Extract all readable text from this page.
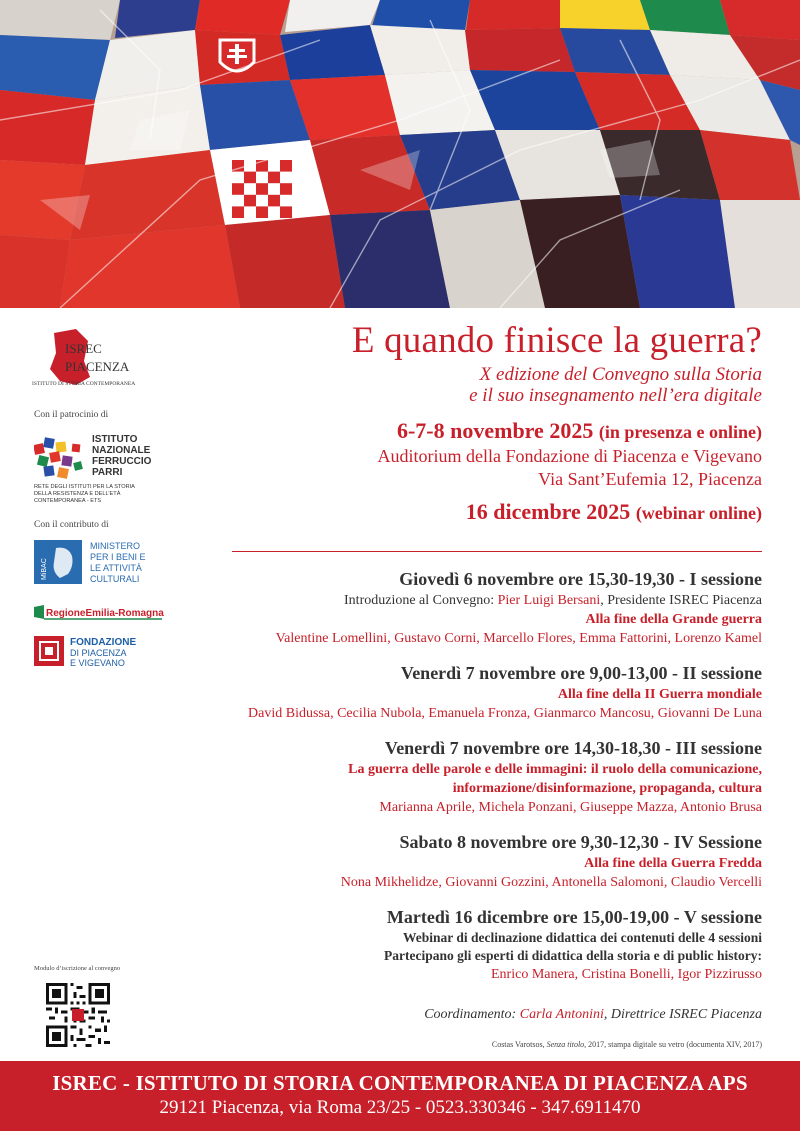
ISREC
PIACENZA
ISTITUTO DI STORIA CONTEMPORANEA
Con il patrocinio di
ISTITUTO
NAZIONALE
FERRUCCIO
PARRI
RETE DEGLI ISTITUTI PER LA STORIA
DELLA RESISTENZA E DELL’ETÀ
CONTEMPORANEA - ETS
Con il contributo di
MiBAC
MINISTERO
PER I BENI E
LE ATTIVITÀ
CULTURALI
RegioneEmilia-Romagna
FONDAZIONE
DI PIACENZA
E VIGEVANO
Modulo d’iscrizione al convegno
E quando finisce la guerra?
X edizione del Convegno sulla Storia
e il suo insegnamento nell’era digitale
6-7-8 novembre 2025 (in presenza e online)
Auditorium della Fondazione di Piacenza e Vigevano
Via Sant’Eufemia 12, Piacenza
16 dicembre 2025 (webinar online)
Giovedì 6 novembre ore 15,30-19,30 - I sessione
Introduzione al Convegno: Pier Luigi Bersani, Presidente ISREC Piacenza
Alla fine della Grande guerra
Valentine Lomellini, Gustavo Corni, Marcello Flores, Emma Fattorini, Lorenzo Kamel
Venerdì 7 novembre ore 9,00-13,00 - II sessione
Alla fine della II Guerra mondiale
David Bidussa, Cecilia Nubola, Emanuela Fronza, Gianmarco Mancosu, Giovanni De Luna
Venerdì 7 novembre ore 14,30-18,30 - III sessione
La guerra delle parole e delle immagini: il ruolo della comunicazione,
informazione/disinformazione, propaganda, cultura
Marianna Aprile, Michela Ponzani, Giuseppe Mazza, Antonio Brusa
Sabato 8 novembre ore 9,30-12,30 - IV Sessione
Alla fine della Guerra Fredda
Nona Mikhelidze, Giovanni Gozzini, Antonella Salomoni, Claudio Vercelli
Martedì 16 dicembre ore 15,00-19,00 - V sessione
Webinar di declinazione didattica dei contenuti delle 4 sessioni
Partecipano gli esperti di didattica della storia e di public history:
Enrico Manera, Cristina Bonelli, Igor Pizzirusso
Coordinamento: Carla Antonini, Direttrice ISREC Piacenza
Costas Varotsos, Senza titolo, 2017, stampa digitale su vetro (documenta XIV, 2017)
ISREC - ISTITUTO DI STORIA CONTEMPORANEA DI PIACENZA APS
29121 Piacenza, via Roma 23/25 - 0523.330346 - 347.6911470
